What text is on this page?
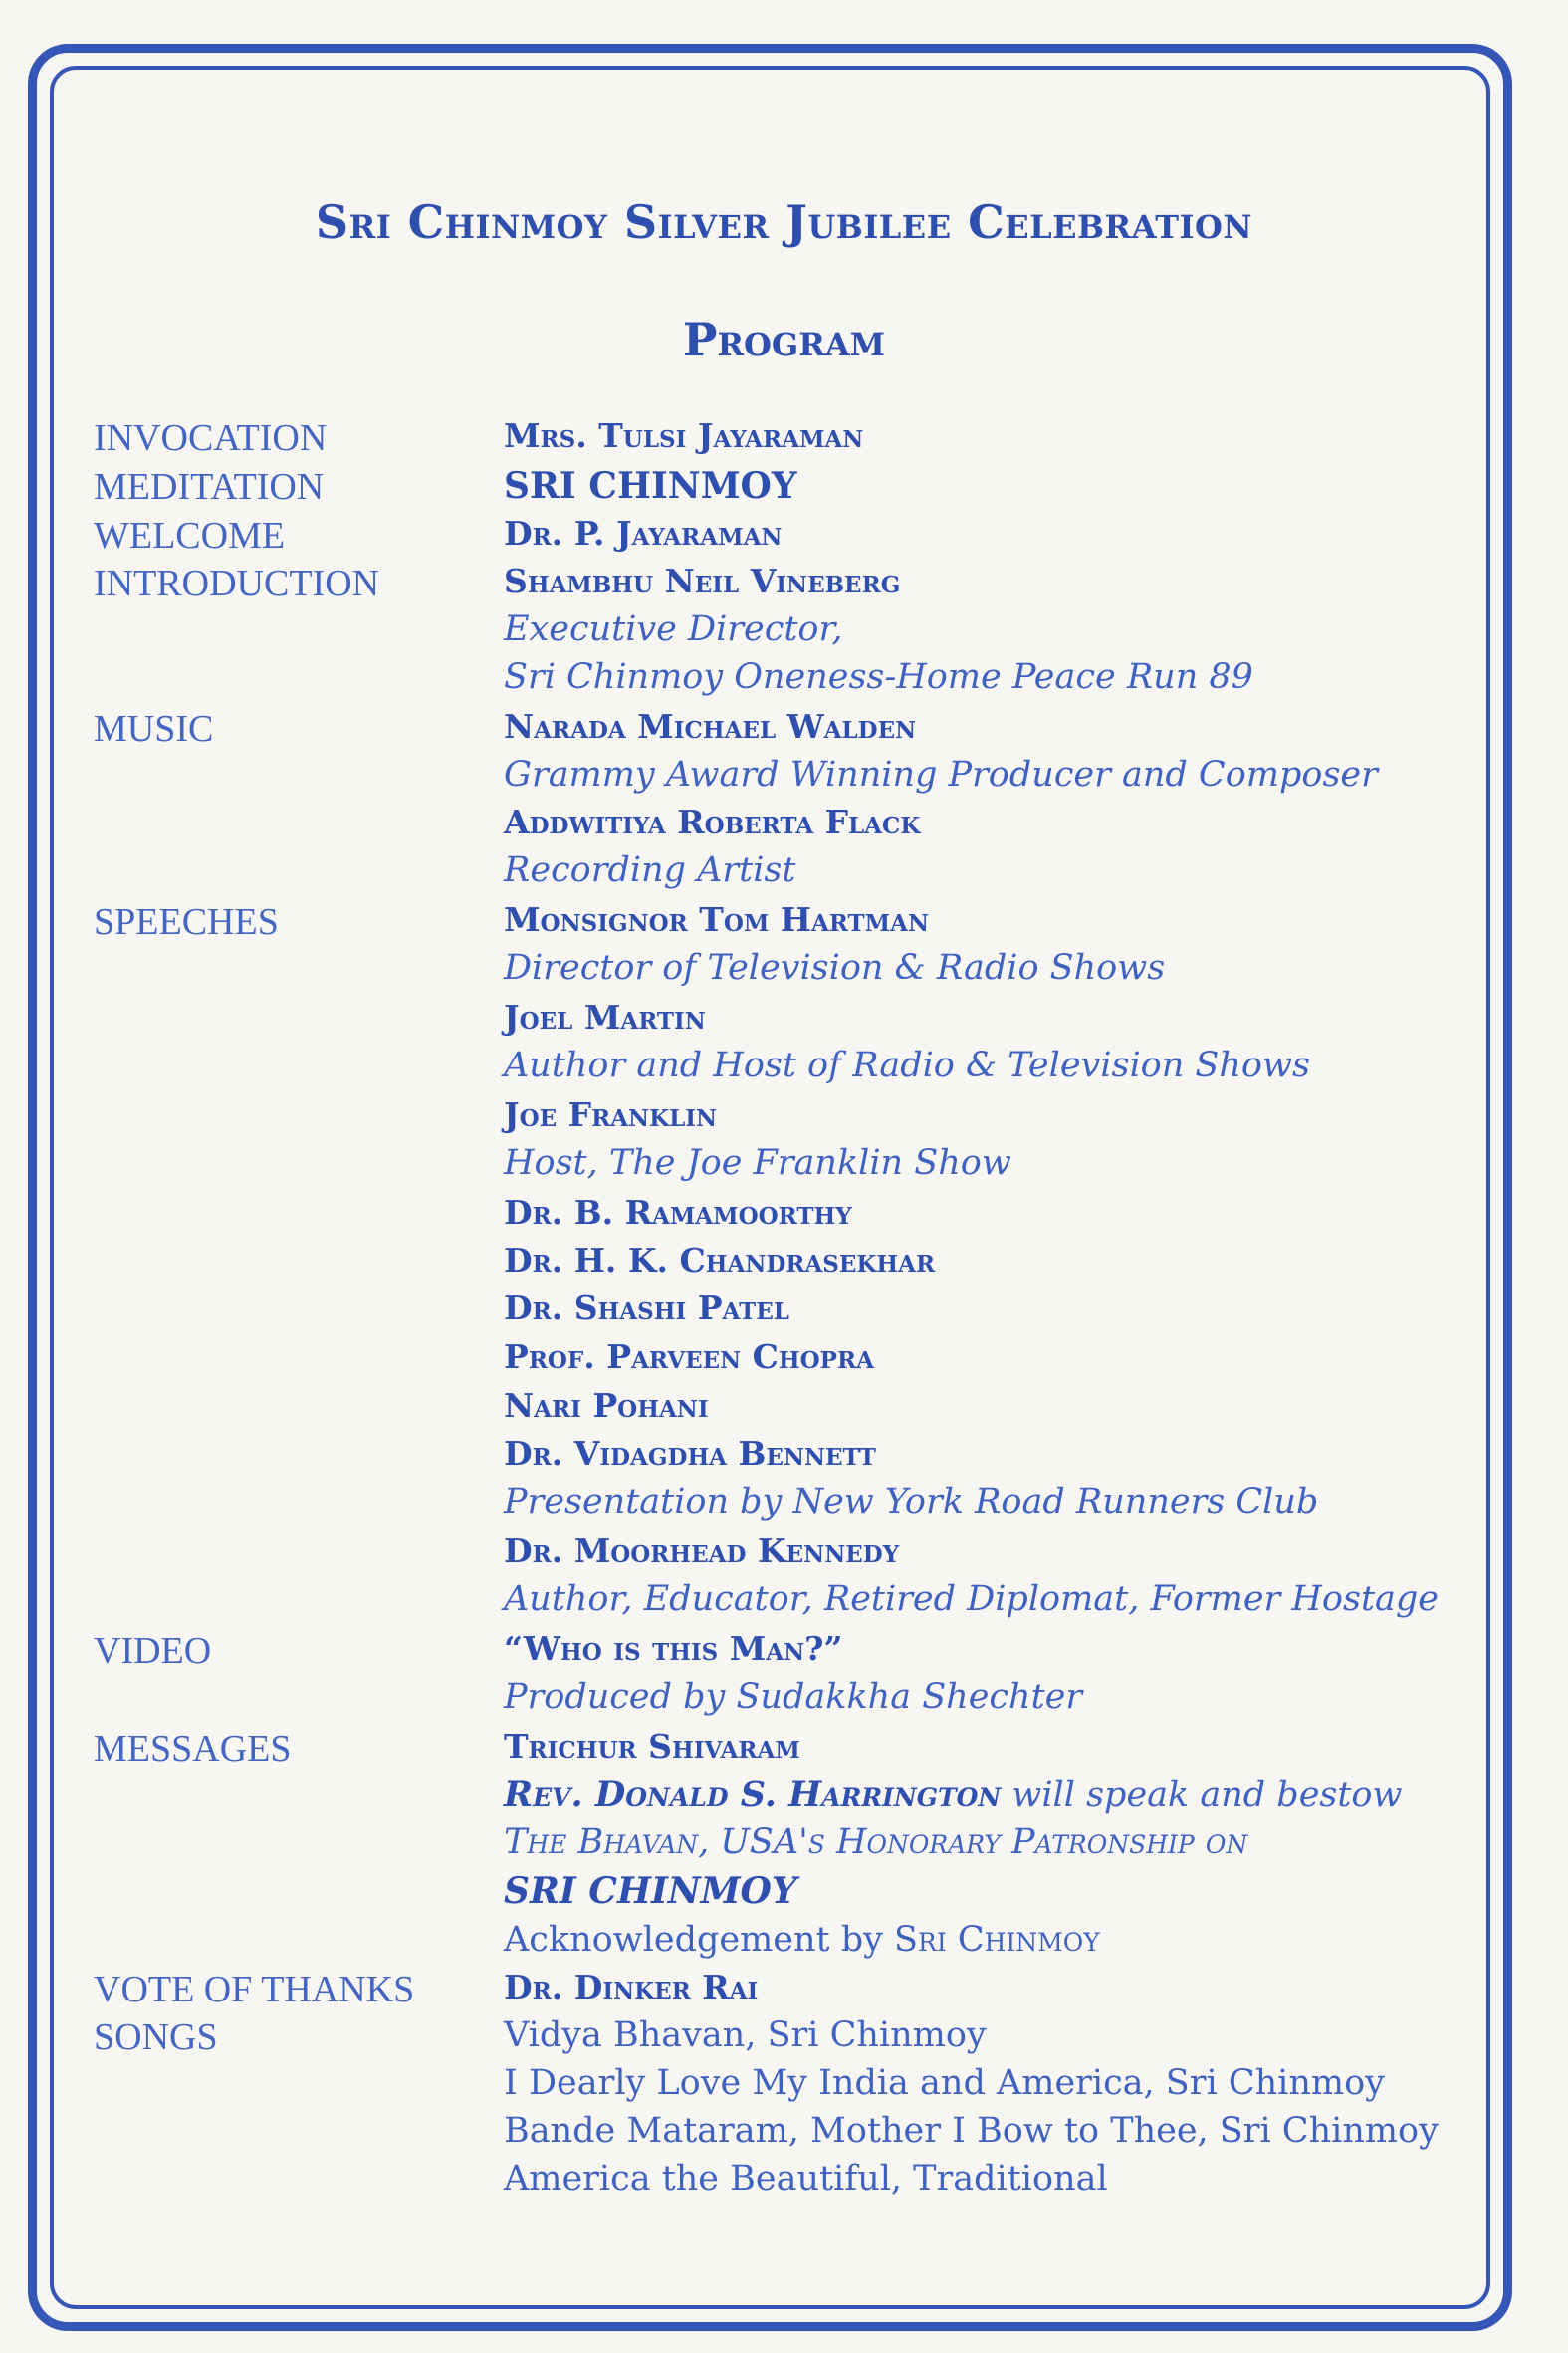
Sri Chinmoy Silver Jubilee Celebration
Program
INVOCATION	Mrs. Tulsi Jayaraman
MEDITATION	SRI CHINMOY
WELCOME	Dr. P. Jayaraman
INTRODUCTION	Shambhu Neil Vineberg
Executive Director,
Sri Chinmoy Oneness-Home Peace Run 89
MUSIC	Narada Michael Walden
Grammy Award Winning Producer and Composer
Addwitiya Roberta Flack
Recording Artist
SPEECHES	Monsignor Tom Hartman
Director of Television & Radio Shows
Joel Martin
Author and Host of Radio & Television Shows
Joe Franklin
Host, The Joe Franklin Show
Dr. B. Ramamoorthy
Dr. H. K. Chandrasekhar
Dr. Shashi Patel
Prof. Parveen Chopra
Nari Pohani
Dr. Vidagdha Bennett
Presentation by New York Road Runners Club
Dr. Moorhead Kennedy
Author, Educator, Retired Diplomat, Former Hostage
VIDEO	“Who is this Man?”
Produced by Sudakkha Shechter
MESSAGES	Trichur Shivaram
Rev. Donald S. Harrington will speak and bestow
The Bhavan, USA's Honorary Patronship on
SRI CHINMOY
Acknowledgement by Sri Chinmoy
VOTE OF THANKS	Dr. Dinker Rai
SONGS	Vidya Bhavan, Sri Chinmoy
I Dearly Love My India and America, Sri Chinmoy
Bande Mataram, Mother I Bow to Thee, Sri Chinmoy
America the Beautiful, Traditional
